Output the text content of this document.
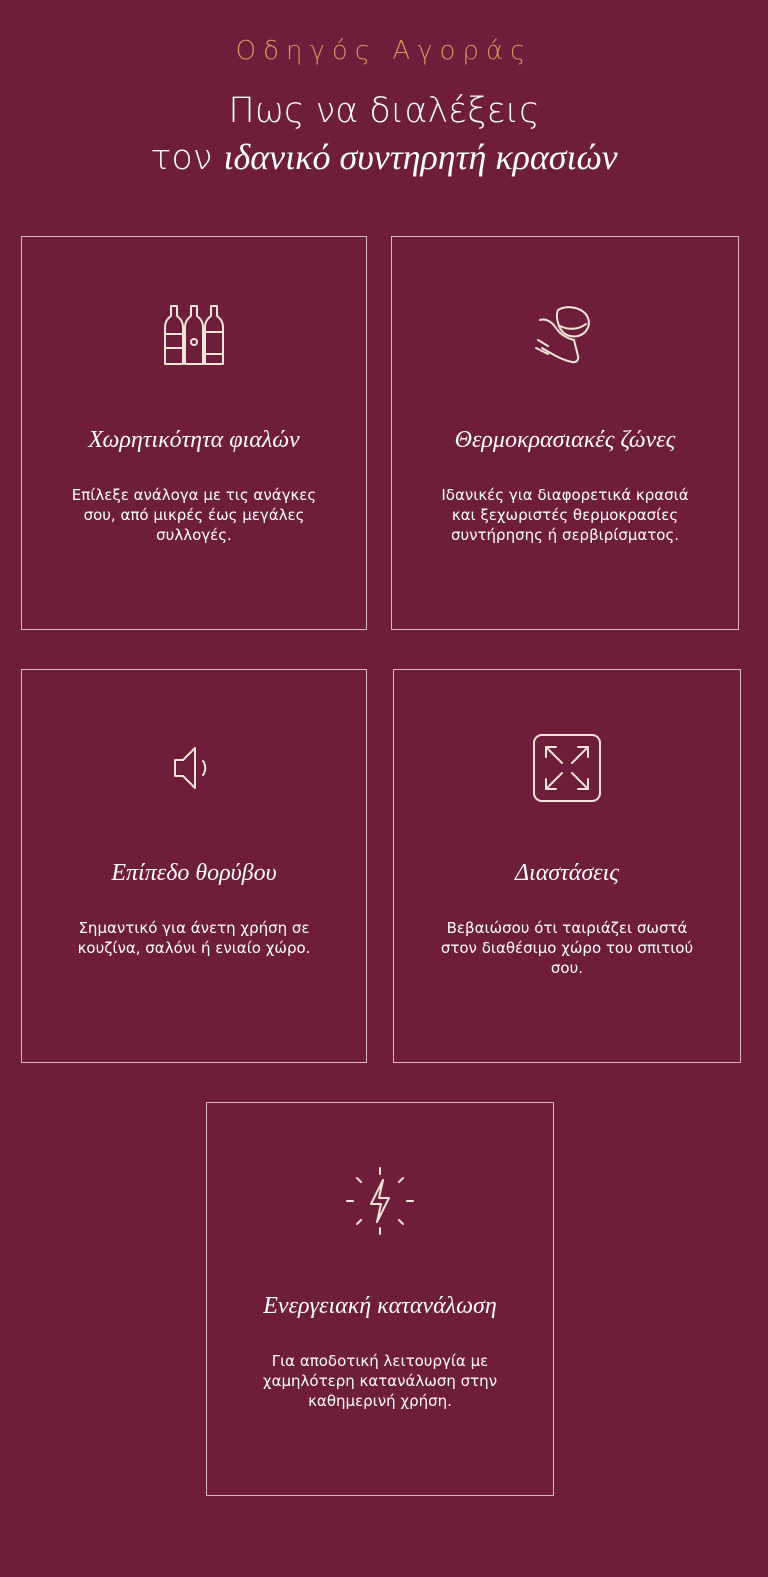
Οδηγός Αγοράς
Πως να διαλέξεις
τον ιδανικό συντηρητή κρασιών
Χωρητικότητα φιαλών

Επίλεξε ανάλογα με τις ανάγκες σου, από μικρές έως μεγάλες συλλογές.

Θερμοκρασιακές ζώνες

Ιδανικές για διαφορετικά κρασιά και ξεχωριστές θερμοκρασίες συντήρησης ή σερβιρίσματος.

Επίπεδο θορύβου

Σημαντικό για άνετη χρήση σε κουζίνα, σαλόνι ή ενιαίο χώρο.

Διαστάσεις

Βεβαιώσου ότι ταιριάζει σωστά στον διαθέσιμο χώρο του σπιτιού σου.

Ενεργειακή κατανάλωση

Για αποδοτική λειτουργία με χαμηλότερη κατανάλωση στην καθημερινή χρήση.
